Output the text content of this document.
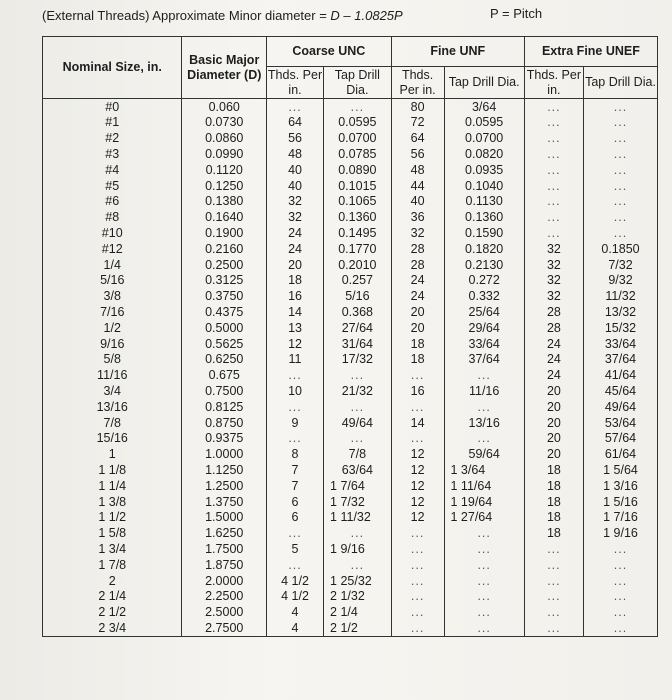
(External Threads) Approximate Minor diameter = D – 1.0825P	P = Pitch
Nominal Size, in.	Basic Major Diameter (D)	Coarse UNC		Fine UNF		Extra Fine UNEF	
		Thds. Per in.	Tap Drill Dia.	Thds. Per in.	Tap Drill Dia.	Thds. Per in.	Tap Drill Dia.
#0	0.060	...	...	80	3/64	...	...
#1	0.0730	64	0.0595	72	0.0595	...	...
#2	0.0860	56	0.0700	64	0.0700	...	...
#3	0.0990	48	0.0785	56	0.0820	...	...
#4	0.1120	40	0.0890	48	0.0935	...	...
#5	0.1250	40	0.1015	44	0.1040	...	...
#6	0.1380	32	0.1065	40	0.1130	...	...
#8	0.1640	32	0.1360	36	0.1360	...	...
#10	0.1900	24	0.1495	32	0.1590	...	...
#12	0.2160	24	0.1770	28	0.1820	32	0.1850
1/4	0.2500	20	0.2010	28	0.2130	32	7/32
5/16	0.3125	18	0.257	24	0.272	32	9/32
3/8	0.3750	16	5/16	24	0.332	32	11/32
7/16	0.4375	14	0.368	20	25/64	28	13/32
1/2	0.5000	13	27/64	20	29/64	28	15/32
9/16	0.5625	12	31/64	18	33/64	24	33/64
5/8	0.6250	11	17/32	18	37/64	24	37/64
11/16	0.675	...	...	...	...	24	41/64
3/4	0.7500	10	21/32	16	11/16	20	45/64
13/16	0.8125	...	...	...	...	20	49/64
7/8	0.8750	9	49/64	14	13/16	20	53/64
15/16	0.9375	...	...	...	...	20	57/64
1	1.0000	8	7/8	12	59/64	20	61/64
1 1/8	1.1250	7	63/64	12	1 3/64	18	1 5/64
1 1/4	1.2500	7	1 7/64	12	1 11/64	18	1 3/16
1 3/8	1.3750	6	1 7/32	12	1 19/64	18	1 5/16
1 1/2	1.5000	6	1 11/32	12	1 27/64	18	1 7/16
1 5/8	1.6250	...	...	...	...	18	1 9/16
1 3/4	1.7500	5	1 9/16	...	...	...	...
1 7/8	1.8750	...	...	...	...	...	...
2	2.0000	4 1/2	1 25/32	...	...	...	...
2 1/4	2.2500	4 1/2	2 1/32	...	...	...	...
2 1/2	2.5000	4	2 1/4	...	...	...	...
2 3/4	2.7500	4	2 1/2	...	...	...	...
